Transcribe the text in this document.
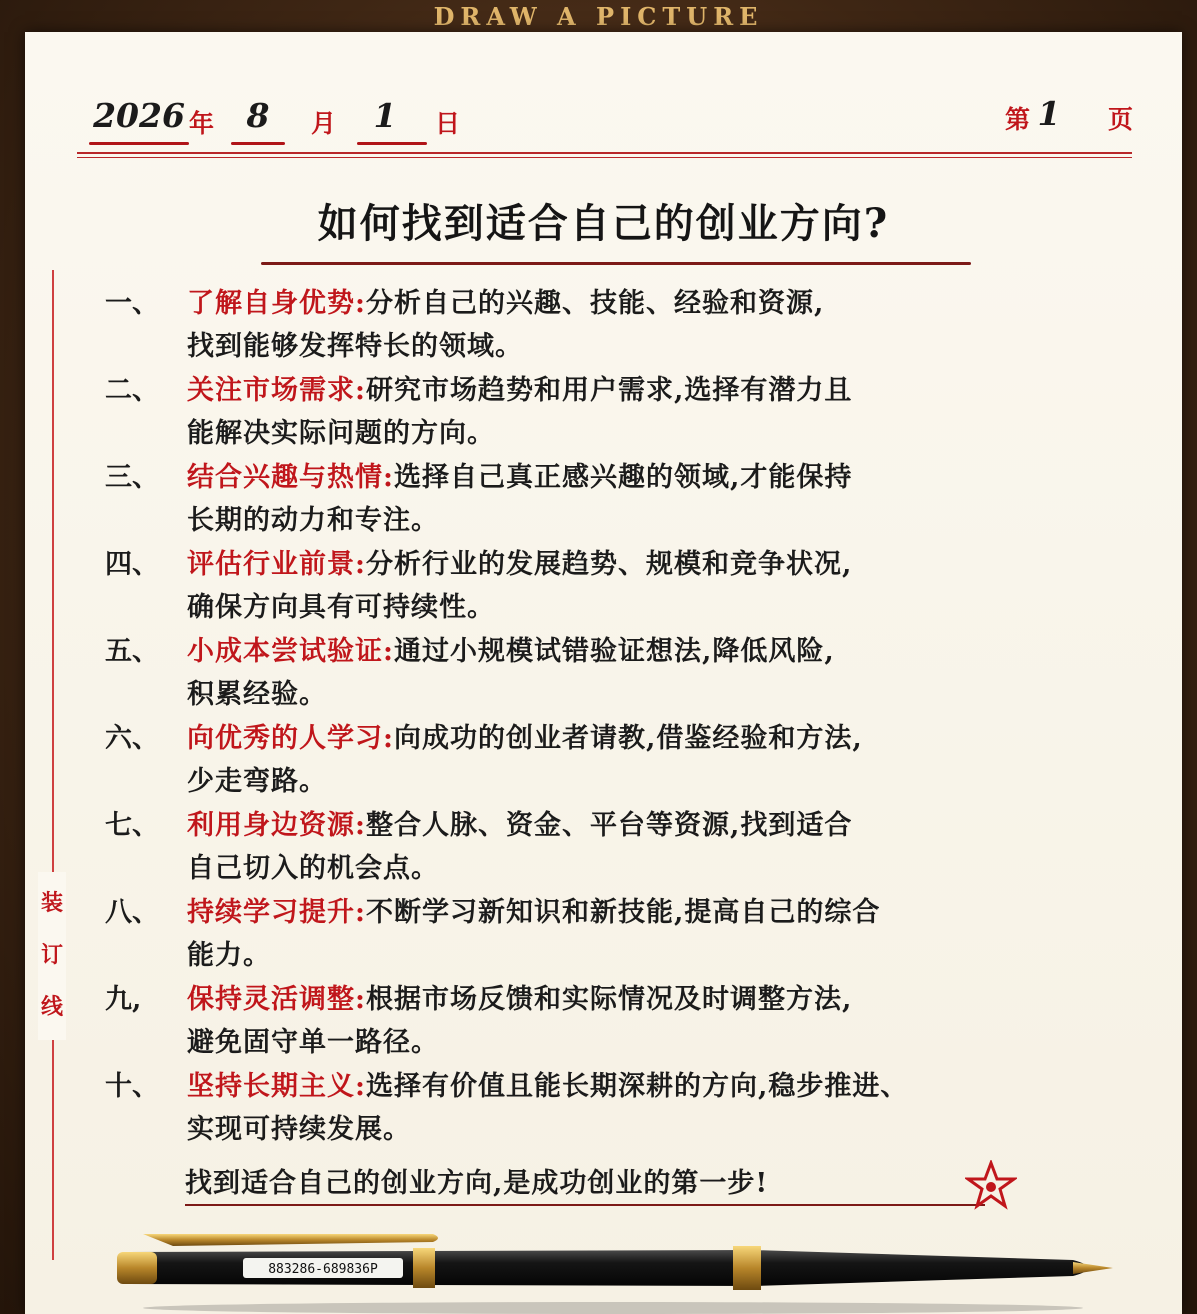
DRAW A PICTURE
2026 年 8	月	1	日	第 1 页
如何找到适合自己的创业方向?
装
订
线
一、	了解自身优势:分析自己的兴趣、技能、经验和资源,
找到能够发挥特长的领域。
二、	关注市场需求:研究市场趋势和用户需求,选择有潜力且
能解决实际问题的方向。
三、	结合兴趣与热情:选择自己真正感兴趣的领域,才能保持
长期的动力和专注。
四、	评估行业前景:分析行业的发展趋势、规模和竞争状况,
确保方向具有可持续性。
五、	小成本尝试验证:通过小规模试错验证想法,降低风险,
积累经验。
六、	向优秀的人学习:向成功的创业者请教,借鉴经验和方法,
少走弯路。
七、	利用身边资源:整合人脉、资金、平台等资源,找到适合
自己切入的机会点。
八、	持续学习提升:不断学习新知识和新技能,提高自己的综合
能力。
九,	保持灵活调整:根据市场反馈和实际情况及时调整方法,
避免固守单一路径。
十、	坚持长期主义:选择有价值且能长期深耕的方向,稳步推进、
实现可持续发展。
找到适合自己的创业方向,是成功创业的第一步!
883286-689836P
